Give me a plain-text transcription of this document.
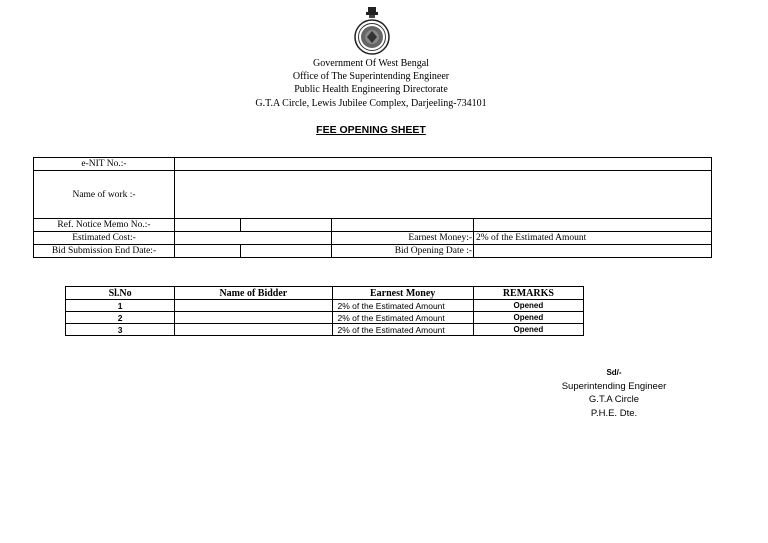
Government Of West Bengal
Office of The Superintending Engineer
Public Health Engineering Directorate
G.T.A Circle, Lewis Jubilee Complex, Darjeeling-734101
FEE OPENING SHEET
e-NIT No.:-				
Name of work :-				
Ref. Notice Memo No.:-				
Estimated Cost:-			Earnest Money:-	2% of the Estimated Amount
Bid Submission End Date:-			Bid Opening Date :-	
Sl.No	Name of Bidder	Earnest Money	REMARKS
1		2% of the Estimated Amount	Opened
2		2% of the Estimated Amount	Opened
3		2% of the Estimated Amount	Opened
Sd/-
Superintending Engineer
G.T.A Circle
P.H.E. Dte.
